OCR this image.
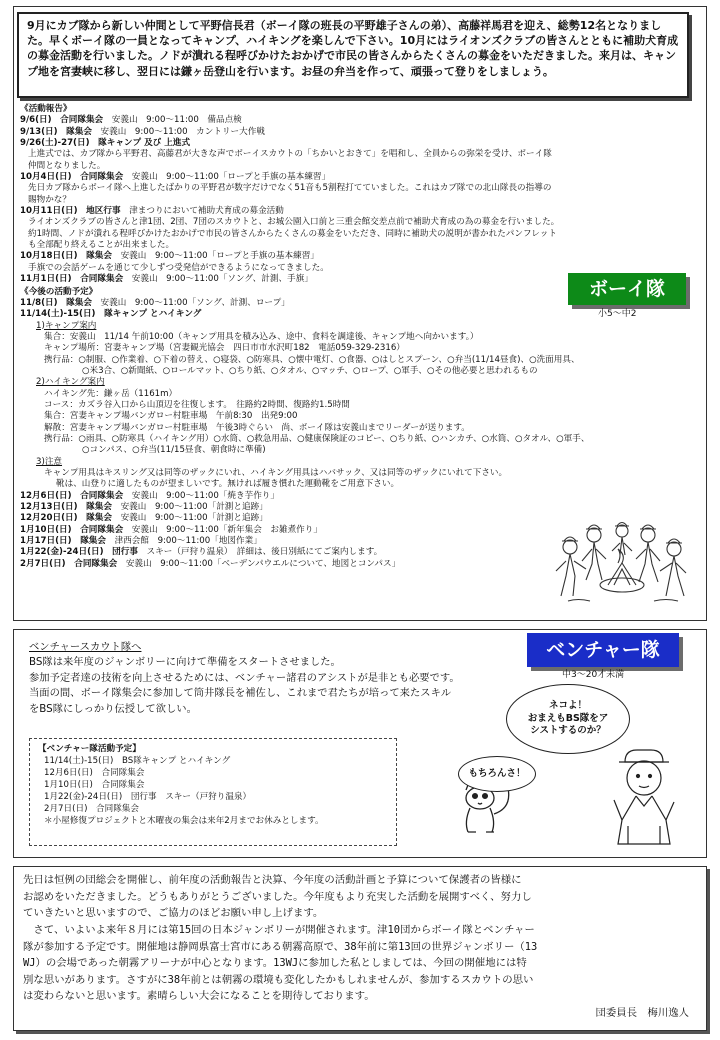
9月にカブ隊から新しい仲間として平野信長君（ボーイ隊の班長の平野雄子さんの弟）、高藤祥馬君を迎え、総勢12名となりました。早くボーイ隊の一員となってキャンプ、ハイキングを楽しんで下さい。10月にはライオンズクラブの皆さんとともに補助犬育成の募金活動を行いました。ノドが潰れる程呼びかけたおかげで市民の皆さんからたくさんの募金をいただきました。来月は、キャンプ地を宮妻峡に移し、翌日には鎌ヶ岳登山を行います。お昼の弁当を作って、頑張って登りをしましょう。
《活動報告》
9/6(日)　 合同隊集会　 安義山　9:00〜11:00　備品点検
9/13(日)　 隊集会　 安義山　9:00〜11:00　カントリー大作戦
9/26(土)-27(日)　 隊キャンプ 及び 上進式
上進式では、カブ隊から平野君、高藤君が大きな声でボーイスカウトの「ちかいとおきて」を唱和し、全員からの弥栄を受け、ボーイ隊仲間となりました。
10月4日(日)　 合同隊集会　 安義山　9:00〜11:00「ロープと手旗の基本練習」
先日カブ隊からボーイ隊へ上進したばかりの平野君が数字だけでなく51音も5割程打てていました。これはカブ隊での北山隊長の指導の賜物かな？
10月11日(日)　 地区行事　 津まつりにおいて補助犬育成の募金活動
ライオンズクラブの皆さんと津1団、2団、7団のスカウトと、お城公園入口前と三重会館交差点前で補助犬育成の為の募金を行いました。
約1時間、ノドが潰れる程呼びかけたおかげで市民の皆さんからたくさんの募金をいただき、同時に補助犬の説明が書かれたパンフレットも全部配り終えることが出来ました。
10月18日(日)　 隊集会　 安義山　9:00〜11:00「ロープと手旗の基本練習」
手旗での会話ゲームを通じて少しずつ受発信ができるようになってきました。
11月1日(日)　 合同隊集会　 安義山　9:00〜11:00「ソング、計測、手旗」
《今後の活動予定》
11/8(日)　 隊集会　 安義山　9:00〜11:00「ソング、計測、ロープ」
11/14(土)-15(日)　 隊キャンプ とハイキング
1)キャンプ案内
集合：安義山　11/14 午前10:00（キャンプ用具を積み込み、途中、食料を調達後、キャンプ地へ向かいます。）
キャンプ場所：宮妻キャンプ場（宮妻観光協会　四日市市水沢町182　電話059-329-2316）
携行品：○制服、○作業着、○下着の替え、○寝袋、○防寒具、○懐中電灯、○食器、○はしとスプーン、○弁当(11/14昼食)、○洗面用具、
○米3合、○新聞紙、○ロールマット、○ちり紙、○タオル、○マッチ、○ロープ、○軍手、○その他必要と思われるもの
2)ハイキング案内
ハイキング先：鎌ヶ岳（1161m）
コース：カズラ谷入口から山頂辺を往復します。　往路約2時間、復路約1.5時間
集合：宮妻キャンプ場バンガロー村駐車場　午前8:30　出発9:00
解散：宮妻キャンプ場バンガロー村駐車場　午後3時ぐらい　尚、ボーイ隊は安義山までリーダーが送ります。
携行品：○雨具、○防寒具（ハイキング用）○水筒、○救急用品、○健康保険証のコピー、○ちり紙、○ハンカチ、○水筒、○タオル、○軍手、
○コンパス、○弁当(11/15昼食、朝食時に準備)
3)注意
キャンプ用具はキスリング又は同等のザックにいれ、ハイキング用具はハバサック、又は同等のザックにいれて下さい。
靴は、山登りに適したものが望ましいです。無ければ履き慣れた運動靴をご用意下さい。
12月6日(日)　 合同隊集会　 安義山　9:00〜11:00「焼き芋作り」
12月13日(日)　 隊集会　 安義山　9:00〜11:00「計測と追跡」
12月20日(日)　 隊集会　 安義山　9:00〜11:00「計測と追跡」
1月10日(日)　 合同隊集会　 安義山　9:00〜11:00「新年集会　お雑煮作り」
1月17日(日)　 隊集会　 津西会館　9:00〜11:00「地図作業」
1月22(金)-24日(日)　 団行事　 スキー（戸狩り温泉）　詳細は、後日別紙にてご案内します。
2月7日(日)　 合同隊集会　 安義山　9:00〜11:00「ベーデンパウエルについて、地図とコンパス」
ボーイ隊
小5〜中2
ベンチャースカウト隊へ
BS隊は来年度のジャンボリーに向けて準備をスタートさせました。
参加予定者達の技術を向上させるためには、ベンチャー諸君のアシストが是非とも必要です。
当面の間、ボーイ隊集会に参加して筒井隊長を補佐し、これまで君たちが培って来たスキル
をBS隊にしっかり伝授して欲しい。
ベンチャー隊
中3〜20才未満
【ベンチャー隊活動予定】
11/14(土)-15(日)　BS隊キャンプ とハイキング
12月6日(日)　合同隊集会
1月10日(日)　合同隊集会
1月22(金)-24日(日)　団行事　スキー（戸狩り温泉）
2月7日(日)　合同隊集会
＊小屋修復プロジェクトと木曜夜の集会は来年2月までお休みとします。
ネコよ！
おまえもBS隊をア
シストするのか？
もちろんさ！
先日は恒例の団総会を開催し、前年度の活動報告と決算、今年度の活動計画と予算について保護者の皆様に
お認めをいただきました。どうもありがとうございました。今年度もより充実した活動を展開すべく、努力し
ていきたいと思いますので、ご協力のほどお願い申し上げます。
　さて、いよいよ来年８月には第15回の日本ジャンボリーが開催されます。津10団からボーイ隊とベンチャー
隊が参加する予定です。開催地は静岡県富士宮市にある朝霧高原で、38年前に第13回の世界ジャンボリー（13
WJ）の会場であった朝霧アリーナが中心となります。13WJに参加した私としましては、今回の開催地には特
別な思いがあります。さすがに38年前とは朝霧の環境も変化したかもしれませんが、参加するスカウトの思い
は変わらないと思います。素晴らしい大会になることを期待しております。
団委員長　梅川逸人
